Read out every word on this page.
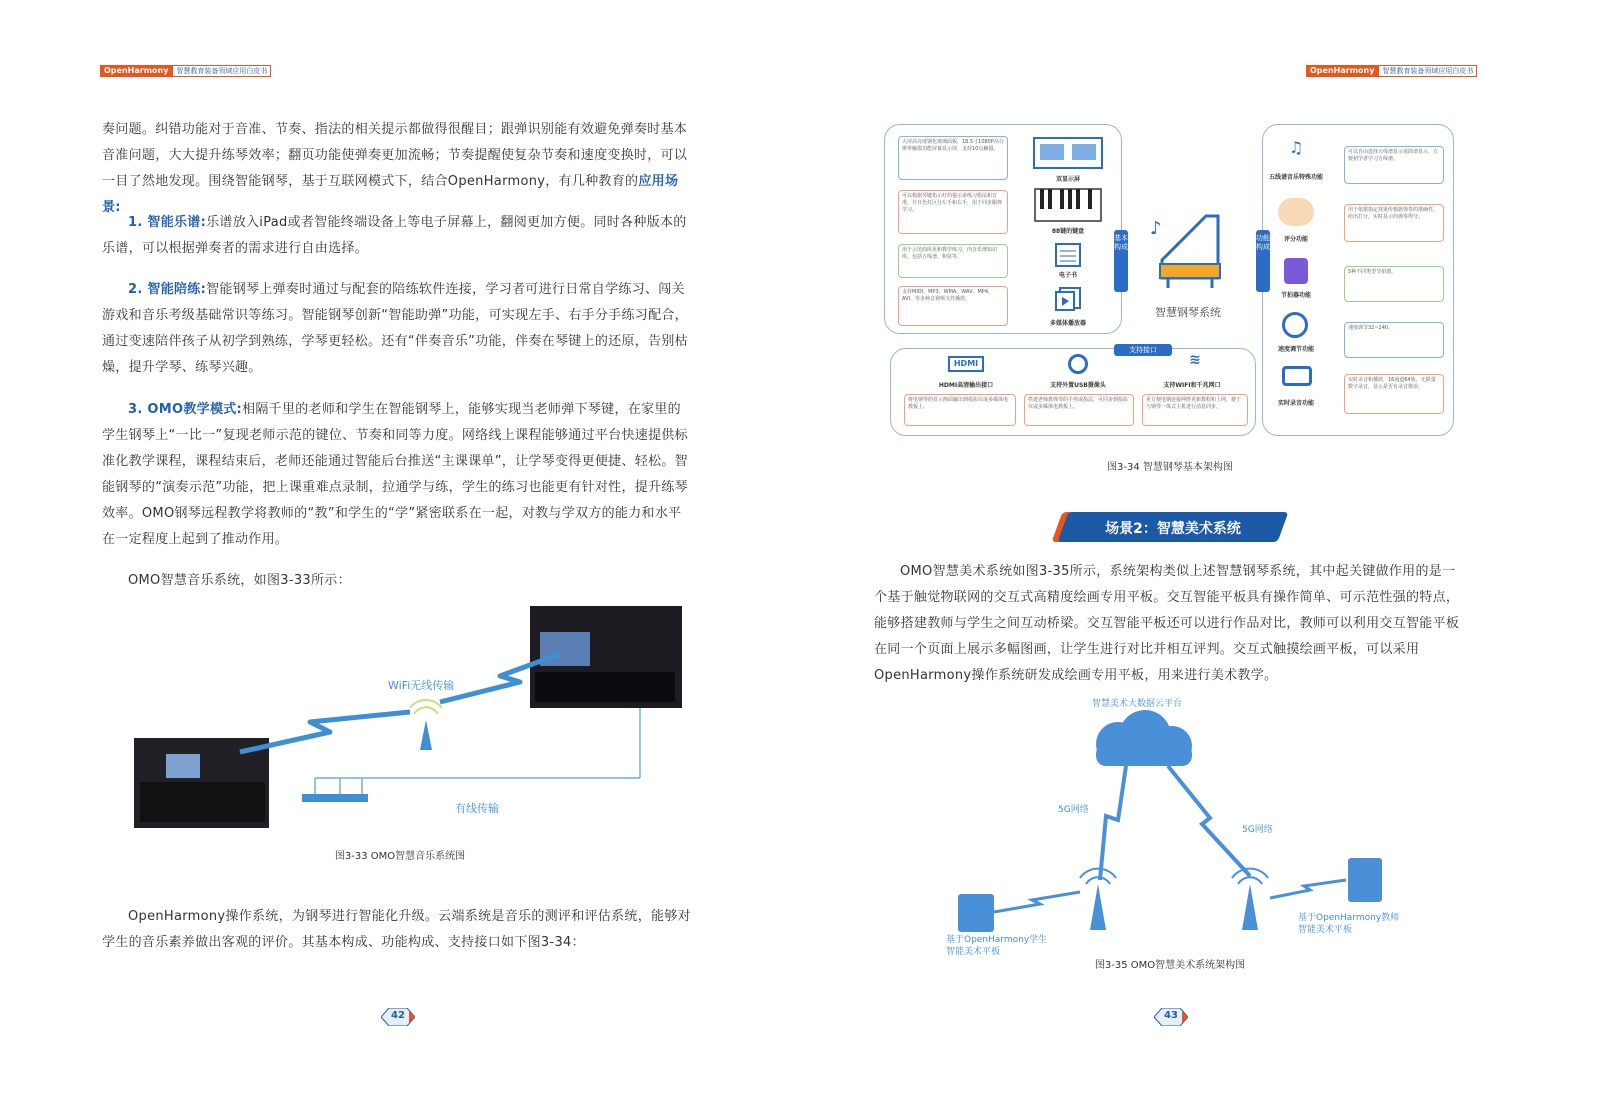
OpenHarmony	智慧教育装备领域应用白皮书
奏问题。纠错功能对于音准、节奏、指法的相关提示都做得很醒目；跟弹识别能有效避免弹奏时基本音准问题，大大提升练琴效率；翻页功能使弹奏更加流畅；节奏提醒使复杂节奏和速度变换时，可以一目了然地发现。围绕智能钢琴，基于互联网模式下，结合OpenHarmony，有几种教育的应用场景:
1. 智能乐谱:乐谱放入iPad或者智能终端设备上等电子屏幕上，翻阅更加方便。同时各种版本的乐谱，可以根据弹奏者的需求进行自由选择。
2. 智能陪练:智能钢琴上弹奏时通过与配套的陪练软件连接，学习者可进行日常自学练习、闯关游戏和音乐考级基础常识等练习。智能钢琴创新“智能助弹”功能，可实现左手、右手分手练习配合，通过变速陪伴孩子从初学到熟练，学琴更轻松。还有“伴奏音乐”功能，伴奏在琴键上的还原，告别枯燥，提升学琴、练琴兴趣。
3. OMO教学模式:相隔千里的老师和学生在智能钢琴上，能够实现当老师弹下琴键，在家里的学生钢琴上“一比一”复现老师示范的键位、节奏和同等力度。网络线上课程能够通过平台快速提供标准化教学课程，课程结束后，老师还能通过智能后台推送“主课课单”，让学琴变得更便捷、轻松。智能钢琴的“演奏示范”功能，把上课重难点录制，拉通学与练，学生的练习也能更有针对性，提升练琴效率。OMO钢琴远程教学将教师的“教”和学生的“学”紧密联系在一起，对教与学双方的能力和水平在一定程度上起到了推动作用。
OMO智慧音乐系统，如图3-33所示：
WiFi无线传输
有线传输
图3-33 OMO智慧音乐系统图
OpenHarmony操作系统，为钢琴进行智能化升级。云端系统是音乐的测评和评估系统，能够对学生的音乐素养做出客观的评价。其基本构成、功能构成、支持接口如下图3-34：
42
OpenHarmony	智慧教育装备领域应用白皮书
大屏高亮度钢化玻璃面板，18.5寸1080P高分辨率触摸功能屏幕显示屏，支持10点触摸。
可以根据琴键指示灯的提示来练习指法和音准，并且色灯区分左手和右手，用于同步跟弹学习。
用于示范曲库更和教学练习，内含乐理知识库，包括五线谱、和弦等。
支持MIDI、MP3、WMA、WAV、MP4、AVI、等多种音视频文件播放。
双显示屏
88键的键盘
电子书
多媒体播放器
基本构成
功能构成
支持接口
♪
智慧钢琴系统
♫
五线谱音乐特殊功能
评分功能
节拍器功能
速度调节功能
实时录音功能
可以自由选择五线谱显示或简谱显示，方便初学者学习五线谱。
用于依据指定找重传根据弹奏的准确性，给出打分，实时显示的弹奏得分。
5种不同类型节拍器。
速度调节32~240。
实时录音和播放，16通道64轨，无限量数字录音，显示是否有录音错误。
HDMI	≋
HDMI高清输出接口	支持外置USB摄像头	支持WIFI和千兆网口
将电钢琴的显示画面输出到投影仪或多媒体电教板上。
搭建老师教弹琴的手势或指法，可同步到投影仪或多媒体电教板上。
更方便电钢连接网络更新教程和上网，便于与钢琴一体式主机进行消息同步。
图3-34 智慧钢琴基本架构图
场景2：智慧美术系统
OMO智慧美术系统如图3-35所示，系统架构类似上述智慧钢琴系统，其中起关键做作用的是一个基于触觉物联网的交互式高精度绘画专用平板。交互智能平板具有操作简单、可示范性强的特点，能够搭建教师与学生之间互动桥梁。交互智能平板还可以进行作品对比，教师可以利用交互智能平板在同一个页面上展示多幅图画，让学生进行对比并相互评判。交互式触摸绘画平板，可以采用OpenHarmony操作系统研发成绘画专用平板，用来进行美术教学。
智慧美术大数据云平台
5G网络
5G网络
基于OpenHarmony学生
智能美术平板
基于OpenHarmony教师
智能美术平板
图3-35 OMO智慧美术系统架构图
43
